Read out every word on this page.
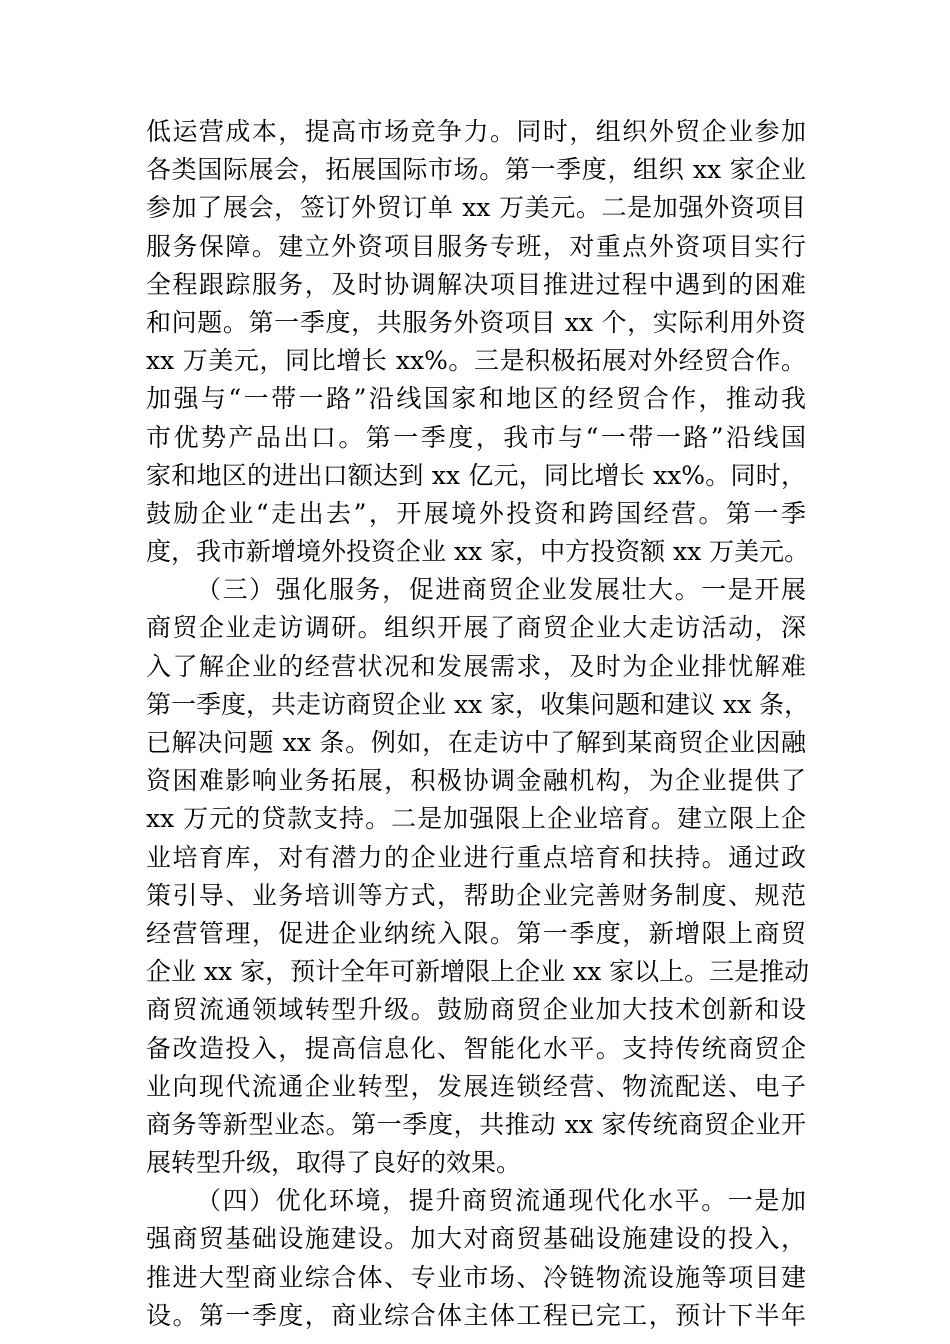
低运营成本，提高市场竞争力。同时，组织外贸企业参加
各类国际展会，拓展国际市场。第一季度，组织 xx 家企业
参加了展会，签订外贸订单 xx 万美元。二是加强外资项目
服务保障。建立外资项目服务专班，对重点外资项目实行
全程跟踪服务，及时协调解决项目推进过程中遇到的困难
和问题。第一季度，共服务外资项目 xx 个，实际利用外资
xx 万美元，同比增长 xx%。三是积极拓展对外经贸合作。
加强与“一带一路”沿线国家和地区的经贸合作，推动我
市优势产品出口。第一季度，我市与“一带一路”沿线国
家和地区的进出口额达到 xx 亿元，同比增长 xx%。同时，
鼓励企业“走出去”，开展境外投资和跨国经营。第一季
度，我市新增境外投资企业 xx 家，中方投资额 xx 万美元。
（三）强化服务，促进商贸企业发展壮大。一是开展
商贸企业走访调研。组织开展了商贸企业大走访活动，深
入了解企业的经营状况和发展需求，及时为企业排忧解难
第一季度，共走访商贸企业 xx 家，收集问题和建议 xx 条，
已解决问题 xx 条。例如，在走访中了解到某商贸企业因融
资困难影响业务拓展，积极协调金融机构，为企业提供了
xx 万元的贷款支持。二是加强限上企业培育。建立限上企
业培育库，对有潜力的企业进行重点培育和扶持。通过政
策引导、业务培训等方式，帮助企业完善财务制度、规范
经营管理，促进企业纳统入限。第一季度，新增限上商贸
企业 xx 家，预计全年可新增限上企业 xx 家以上。三是推动
商贸流通领域转型升级。鼓励商贸企业加大技术创新和设
备改造投入，提高信息化、智能化水平。支持传统商贸企
业向现代流通企业转型，发展连锁经营、物流配送、电子
商务等新型业态。第一季度，共推动 xx 家传统商贸企业开
展转型升级，取得了良好的效果。
（四）优化环境，提升商贸流通现代化水平。一是加
强商贸基础设施建设。加大对商贸基础设施建设的投入，
推进大型商业综合体、专业市场、冷链物流设施等项目建
设。第一季度，商业综合体主体工程已完工，预计下半年
